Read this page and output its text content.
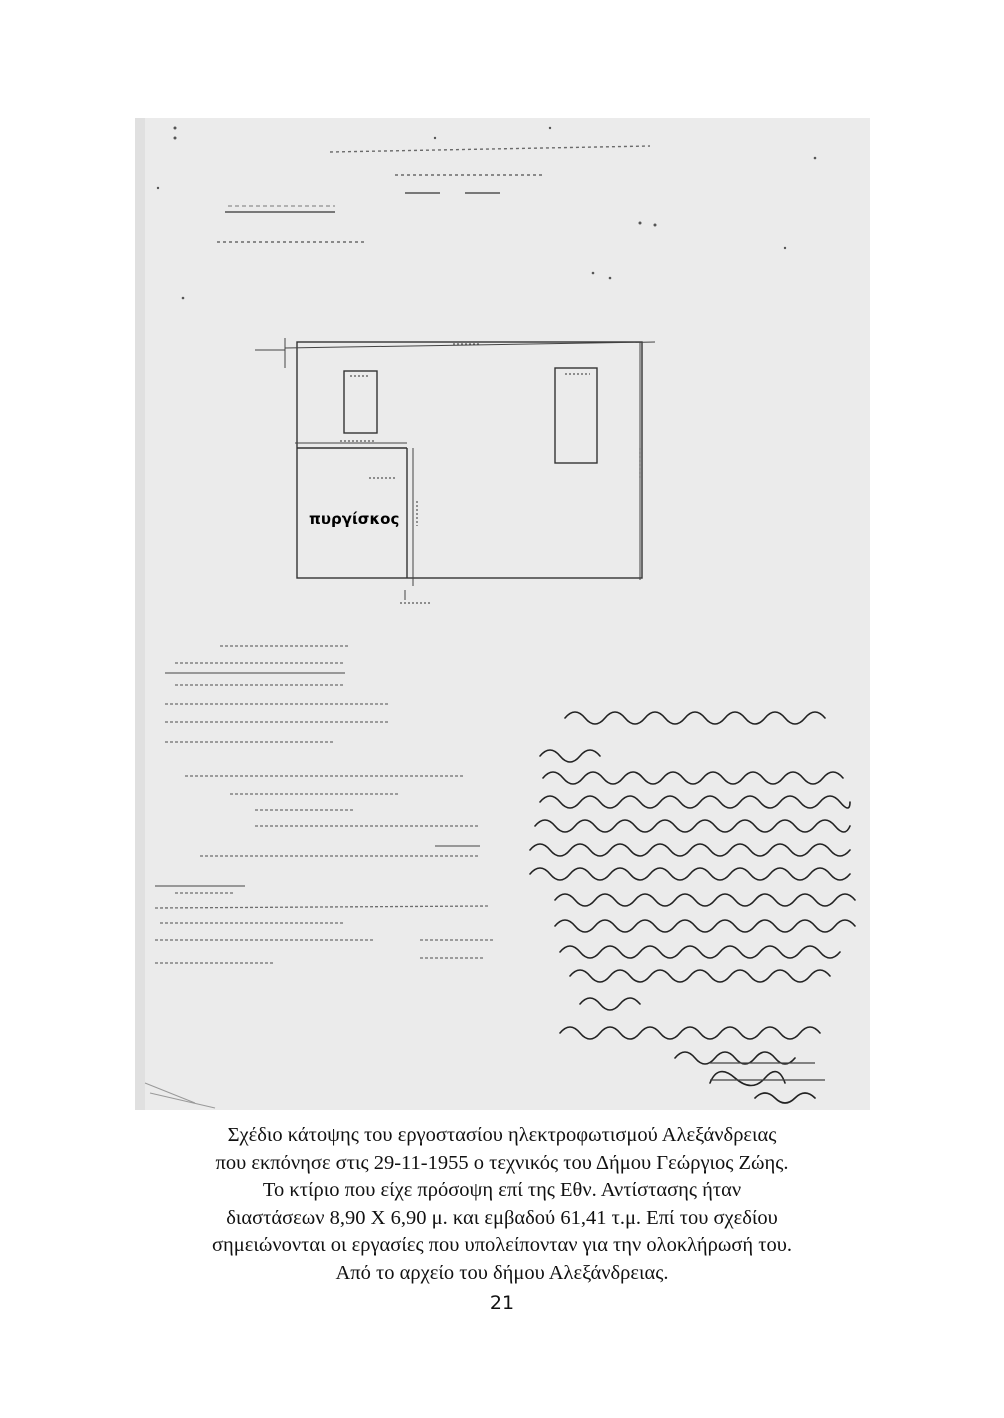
πυργίσκος
Σχέδιο κάτοψης του εργοστασίου ηλεκτροφωτισμού Αλεξάνδρειας
που εκπόνησε στις 29-11-1955 ο τεχνικός του Δήμου Γεώργιος Ζώης.
Το κτίριο που είχε πρόσοψη επί της Εθν. Αντίστασης ήταν
διαστάσεων 8,90 Χ 6,90 μ. και εμβαδού 61,41 τ.μ. Επί του σχεδίου
σημειώνονται οι εργασίες που υπολείπονταν για την ολοκλήρωσή του.
Από το αρχείο του δήμου Αλεξάνδρειας.
21
